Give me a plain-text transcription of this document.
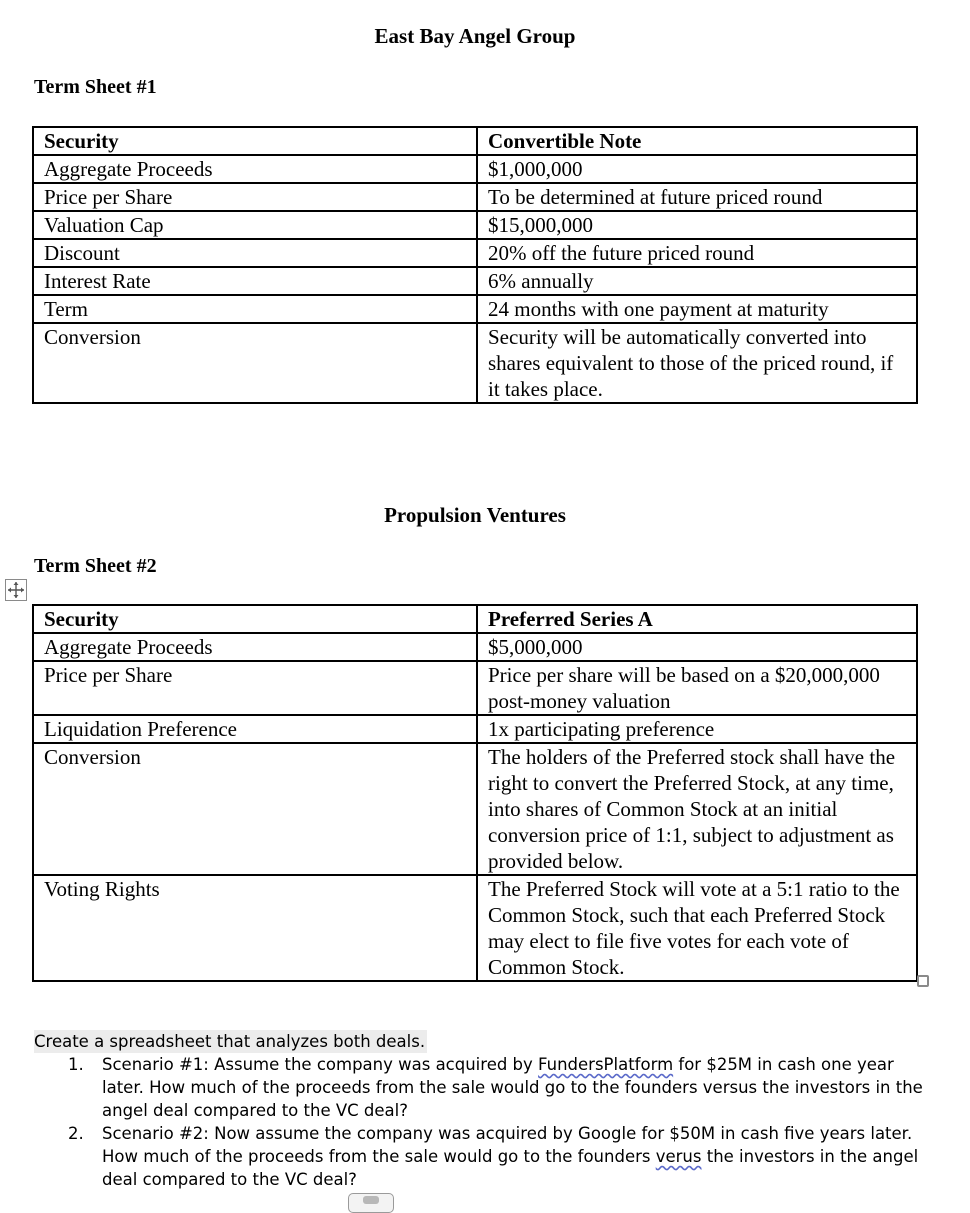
East Bay Angel Group
Term Sheet #1
Security	Convertible Note
Aggregate Proceeds	$1,000,000
Price per Share	To be determined at future priced round
Valuation Cap	$15,000,000
Discount	20% off the future priced round
Interest Rate	6% annually
Term	24 months with one payment at maturity
Conversion	Security will be automatically converted into shares equivalent to those of the priced round, if it takes place.
Propulsion Ventures
Term Sheet #2
Security	Preferred Series A
Aggregate Proceeds	$5,000,000
Price per Share	Price per share will be based on a $20,000,000 post-money valuation
Liquidation Preference	1x participating preference
Conversion	The holders of the Preferred stock shall have the right to convert the Preferred Stock, at any time, into shares of Common Stock at an initial conversion price of 1:1, subject to adjustment as provided below.
Voting Rights	The Preferred Stock will vote at a 5:1 ratio to the Common Stock, such that each Preferred Stock may elect to file five votes for each vote of Common Stock.
Create a spreadsheet that analyzes both deals.
1. Scenario #1: Assume the company was acquired by FundersPlatform for $25M in cash one year later. How much of the proceeds from the sale would go to the founders versus the investors in the angel deal compared to the VC deal?
2. Scenario #2: Now assume the company was acquired by Google for $50M in cash five years later. How much of the proceeds from the sale would go to the founders verus the investors in the angel deal compared to the VC deal?
